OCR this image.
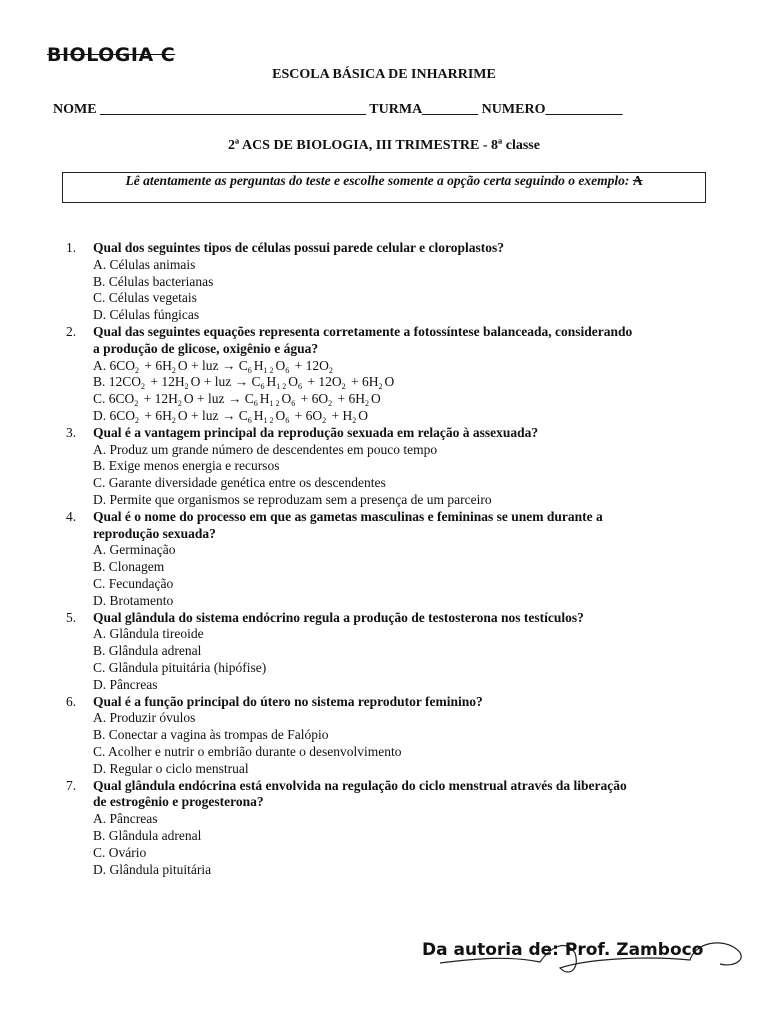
BIOLOGIA C
ESCOLA BÁSICA DE INHARRIME
NOME ______________________________________ TURMA________ NUMERO___________
2ª ACS DE BIOLOGIA, III TRIMESTRE - 8ª classe
Lê atentamente as perguntas do teste e escolhe somente a opção certa seguindo o exemplo: A
1. Qual dos seguintes tipos de células possui parede celular e cloroplastos?
A. Células animais
B. Células bacterianas
C. Células vegetais
D. Células fúngicas
2. Qual das seguintes equações representa corretamente a fotossíntese balanceada, considerando
a produção de glicose, oxigênio e água?
A. $6CO_2 + 6H_2O$ + luz → $C_6H_{12}O_6 + 12O_2$
B. $12CO_2 + 12H_2O$ + luz → $C_6H_{12}O_6 + 12O_2 + 6H_2O$
C. $6CO_2 + 12H_2O$ + luz → $C_6H_{12}O_6 + 6O_2 + 6H_2O$
D. $6CO_2 + 6H_2O$ + luz → $C_6H_{12}O_6 + 6O_2 + H_2O$
3. Qual é a vantagem principal da reprodução sexuada em relação à assexuada?
A. Produz um grande número de descendentes em pouco tempo
B. Exige menos energia e recursos
C. Garante diversidade genética entre os descendentes
D. Permite que organismos se reproduzam sem a presença de um parceiro
4. Qual é o nome do processo em que as gametas masculinas e femininas se unem durante a
reprodução sexuada?
A. Germinação
B. Clonagem
C. Fecundação
D. Brotamento
5. Qual glândula do sistema endócrino regula a produção de testosterona nos testículos?
A. Glândula tireoide
B. Glândula adrenal
C. Glândula pituitária (hipófise)
D. Pâncreas
6. Qual é a função principal do útero no sistema reprodutor feminino?
A. Produzir óvulos
B. Conectar a vagina às trompas de Falópio
C. Acolher e nutrir o embrião durante o desenvolvimento
D. Regular o ciclo menstrual
7. Qual glândula endócrina está envolvida na regulação do ciclo menstrual através da liberação
de estrogênio e progesterona?
A. Pâncreas
B. Glândula adrenal
C. Ovário
D. Glândula pituitária
Da autoria de: Prof. Zamboco
